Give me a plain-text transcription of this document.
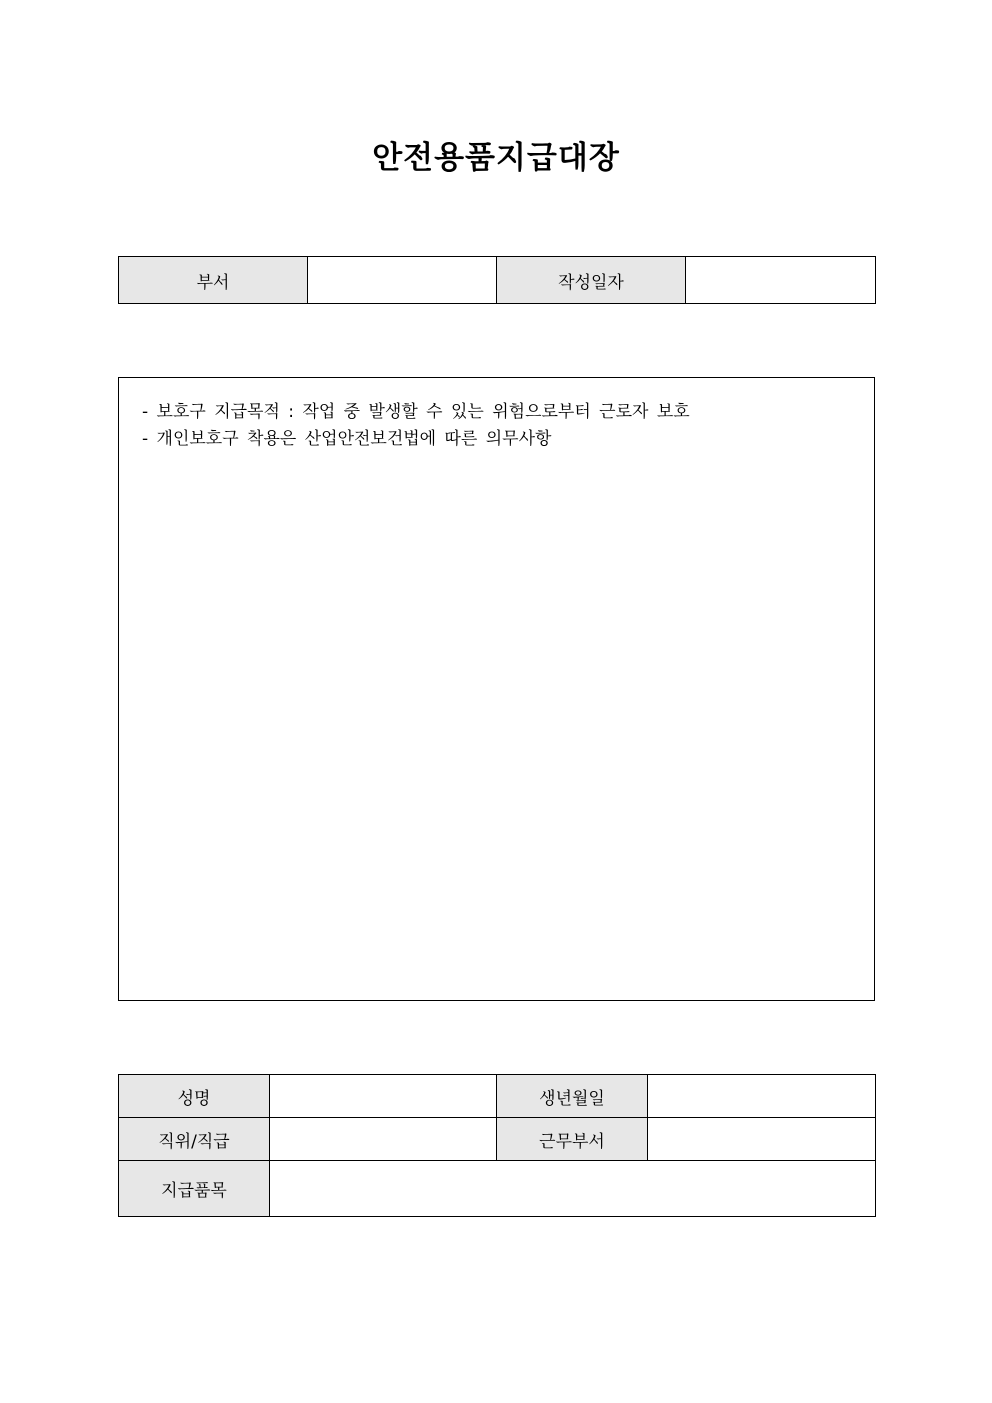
안전용품지급대장
부서		작성일자	
- 보호구 지급목적 : 작업 중 발생할 수 있는 위험으로부터 근로자 보호
- 개인보호구 착용은 산업안전보건법에 따른 의무사항
성명		생년월일	
직위/직급		근무부서	
지급품목			
